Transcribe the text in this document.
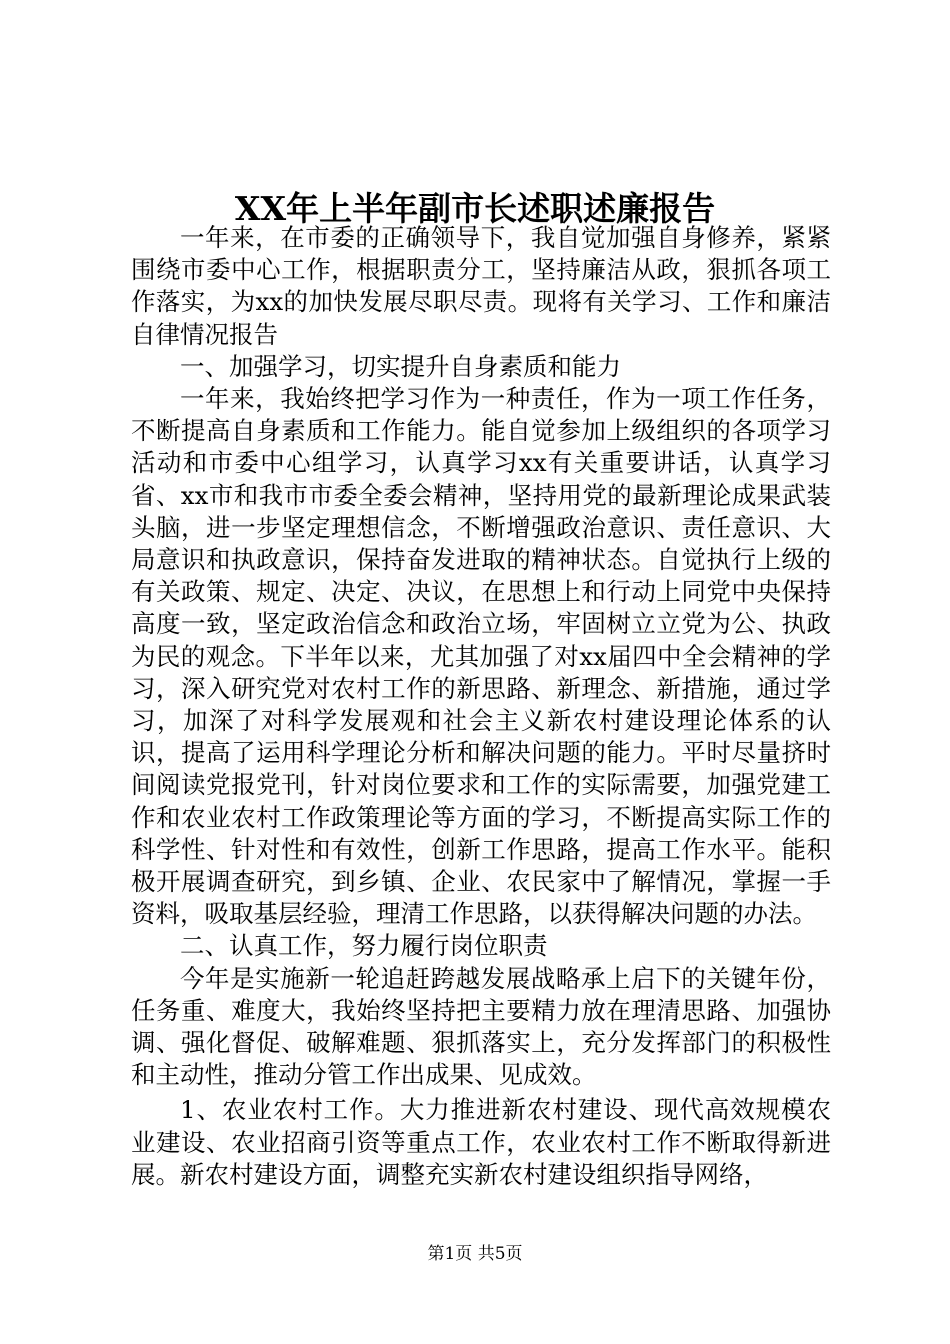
XX年上半年副市长述职述廉报告

一年来，在市委的正确领导下，我自觉加强自身修养，紧紧围绕市委中心工作，根据职责分工，坚持廉洁从政，狠抓各项工作落实，为xx的加快发展尽职尽责。现将有关学习、工作和廉洁自律情况报告

一、加强学习，切实提升自身素质和能力

一年来，我始终把学习作为一种责任，作为一项工作任务，不断提高自身素质和工作能力。能自觉参加上级组织的各项学习活动和市委中心组学习，认真学习xx有关重要讲话，认真学习省、xx市和我市市委全委会精神，坚持用党的最新理论成果武装头脑，进一步坚定理想信念，不断增强政治意识、责任意识、大局意识和执政意识，保持奋发进取的精神状态。自觉执行上级的有关政策、规定、决定、决议，在思想上和行动上同党中央保持高度一致，坚定政治信念和政治立场，牢固树立立党为公、执政为民的观念。下半年以来，尤其加强了对xx届四中全会精神的学习，深入研究党对农村工作的新思路、新理念、新措施，通过学习，加深了对科学发展观和社会主义新农村建设理论体系的认识，提高了运用科学理论分析和解决问题的能力。平时尽量挤时间阅读党报党刊，针对岗位要求和工作的实际需要，加强党建工作和农业农村工作政策理论等方面的学习，不断提高实际工作的科学性、针对性和有效性，创新工作思路，提高工作水平。能积极开展调查研究，到乡镇、企业、农民家中了解情况，掌握一手资料，吸取基层经验，理清工作思路，以获得解决问题的办法。

二、认真工作，努力履行岗位职责

今年是实施新一轮追赶跨越发展战略承上启下的关键年份，任务重、难度大，我始终坚持把主要精力放在理清思路、加强协调、强化督促、破解难题、狠抓落实上，充分发挥部门的积极性和主动性，推动分管工作出成果、见成效。

1、农业农村工作。大力推进新农村建设、现代高效规模农业建设、农业招商引资等重点工作，农业农村工作不断取得新进展。新农村建设方面，调整充实新农村建设组织指导网络，

第1页 共5页
